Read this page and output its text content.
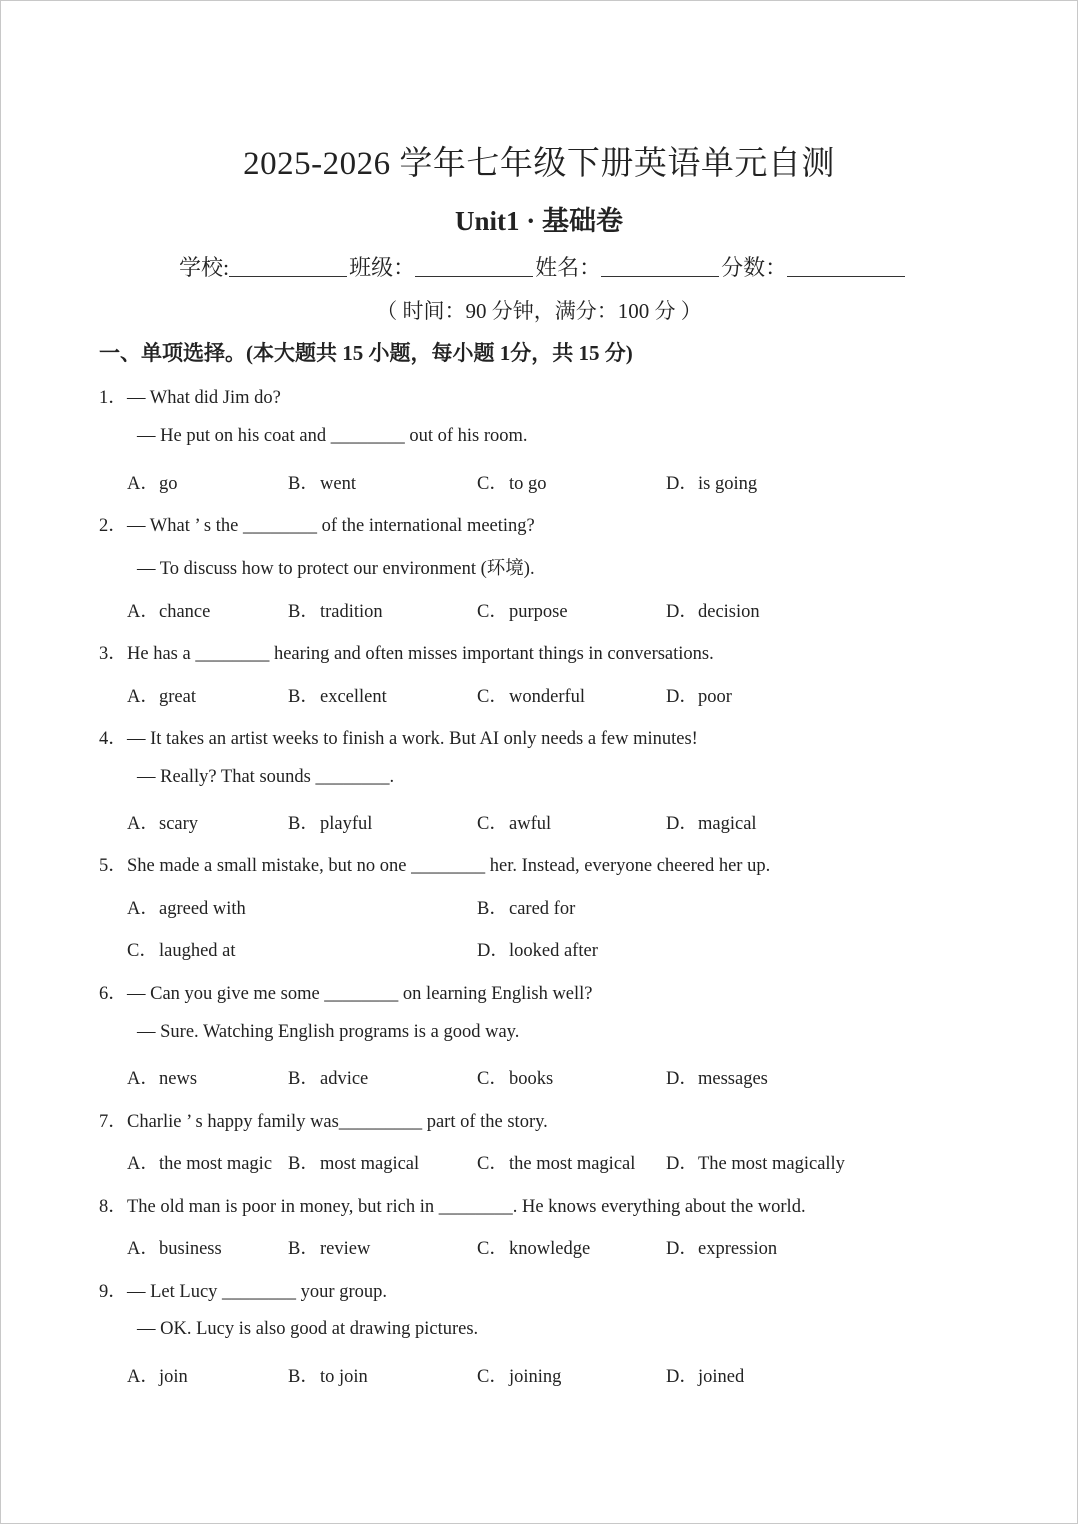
2025-2026 学年七年级下册英语单元自测
Unit1 · 基础卷
学校:	班级：	姓名：	分数：
（ 时间：90 分钟，满分：100 分 ）
一、单项选择。(本大题共 15 小题，每小题 1分，共 15 分)
1．— What did Jim do?
— He put on his coat and ________ out of his room.
A．go	B．went	C．to go	D．is going
2．— What ’ s the ________ of the international meeting?
— To discuss how to protect our environment (环境).
A．chance	B．tradition	C．purpose	D．decision
3．He has a ________ hearing and often misses important things in conversations.
A．great	B．excellent	C．wonderful	D．poor
4．— It takes an artist weeks to finish a work. But AI only needs a few minutes!
— Really? That sounds ________.
A．scary	B．playful	C．awful	D．magical
5．She made a small mistake, but no one ________ her. Instead, everyone cheered her up.
A．agreed with	B．cared for
C．laughed at	D．looked after
6．— Can you give me some ________ on learning English well?
— Sure. Watching English programs is a good way.
A．news	B．advice	C．books	D．messages
7．Charlie ’ s happy family was_________ part of the story.
A．the most magic B．most magical	C．the most magical D．The most magically
8．The old man is poor in money, but rich in ________. He knows everything about the world.
A．business	B．review	C．knowledge	D．expression
9．— Let Lucy ________ your group.
— OK. Lucy is also good at drawing pictures.
A．join	B．to join	C．joining	D．joined
